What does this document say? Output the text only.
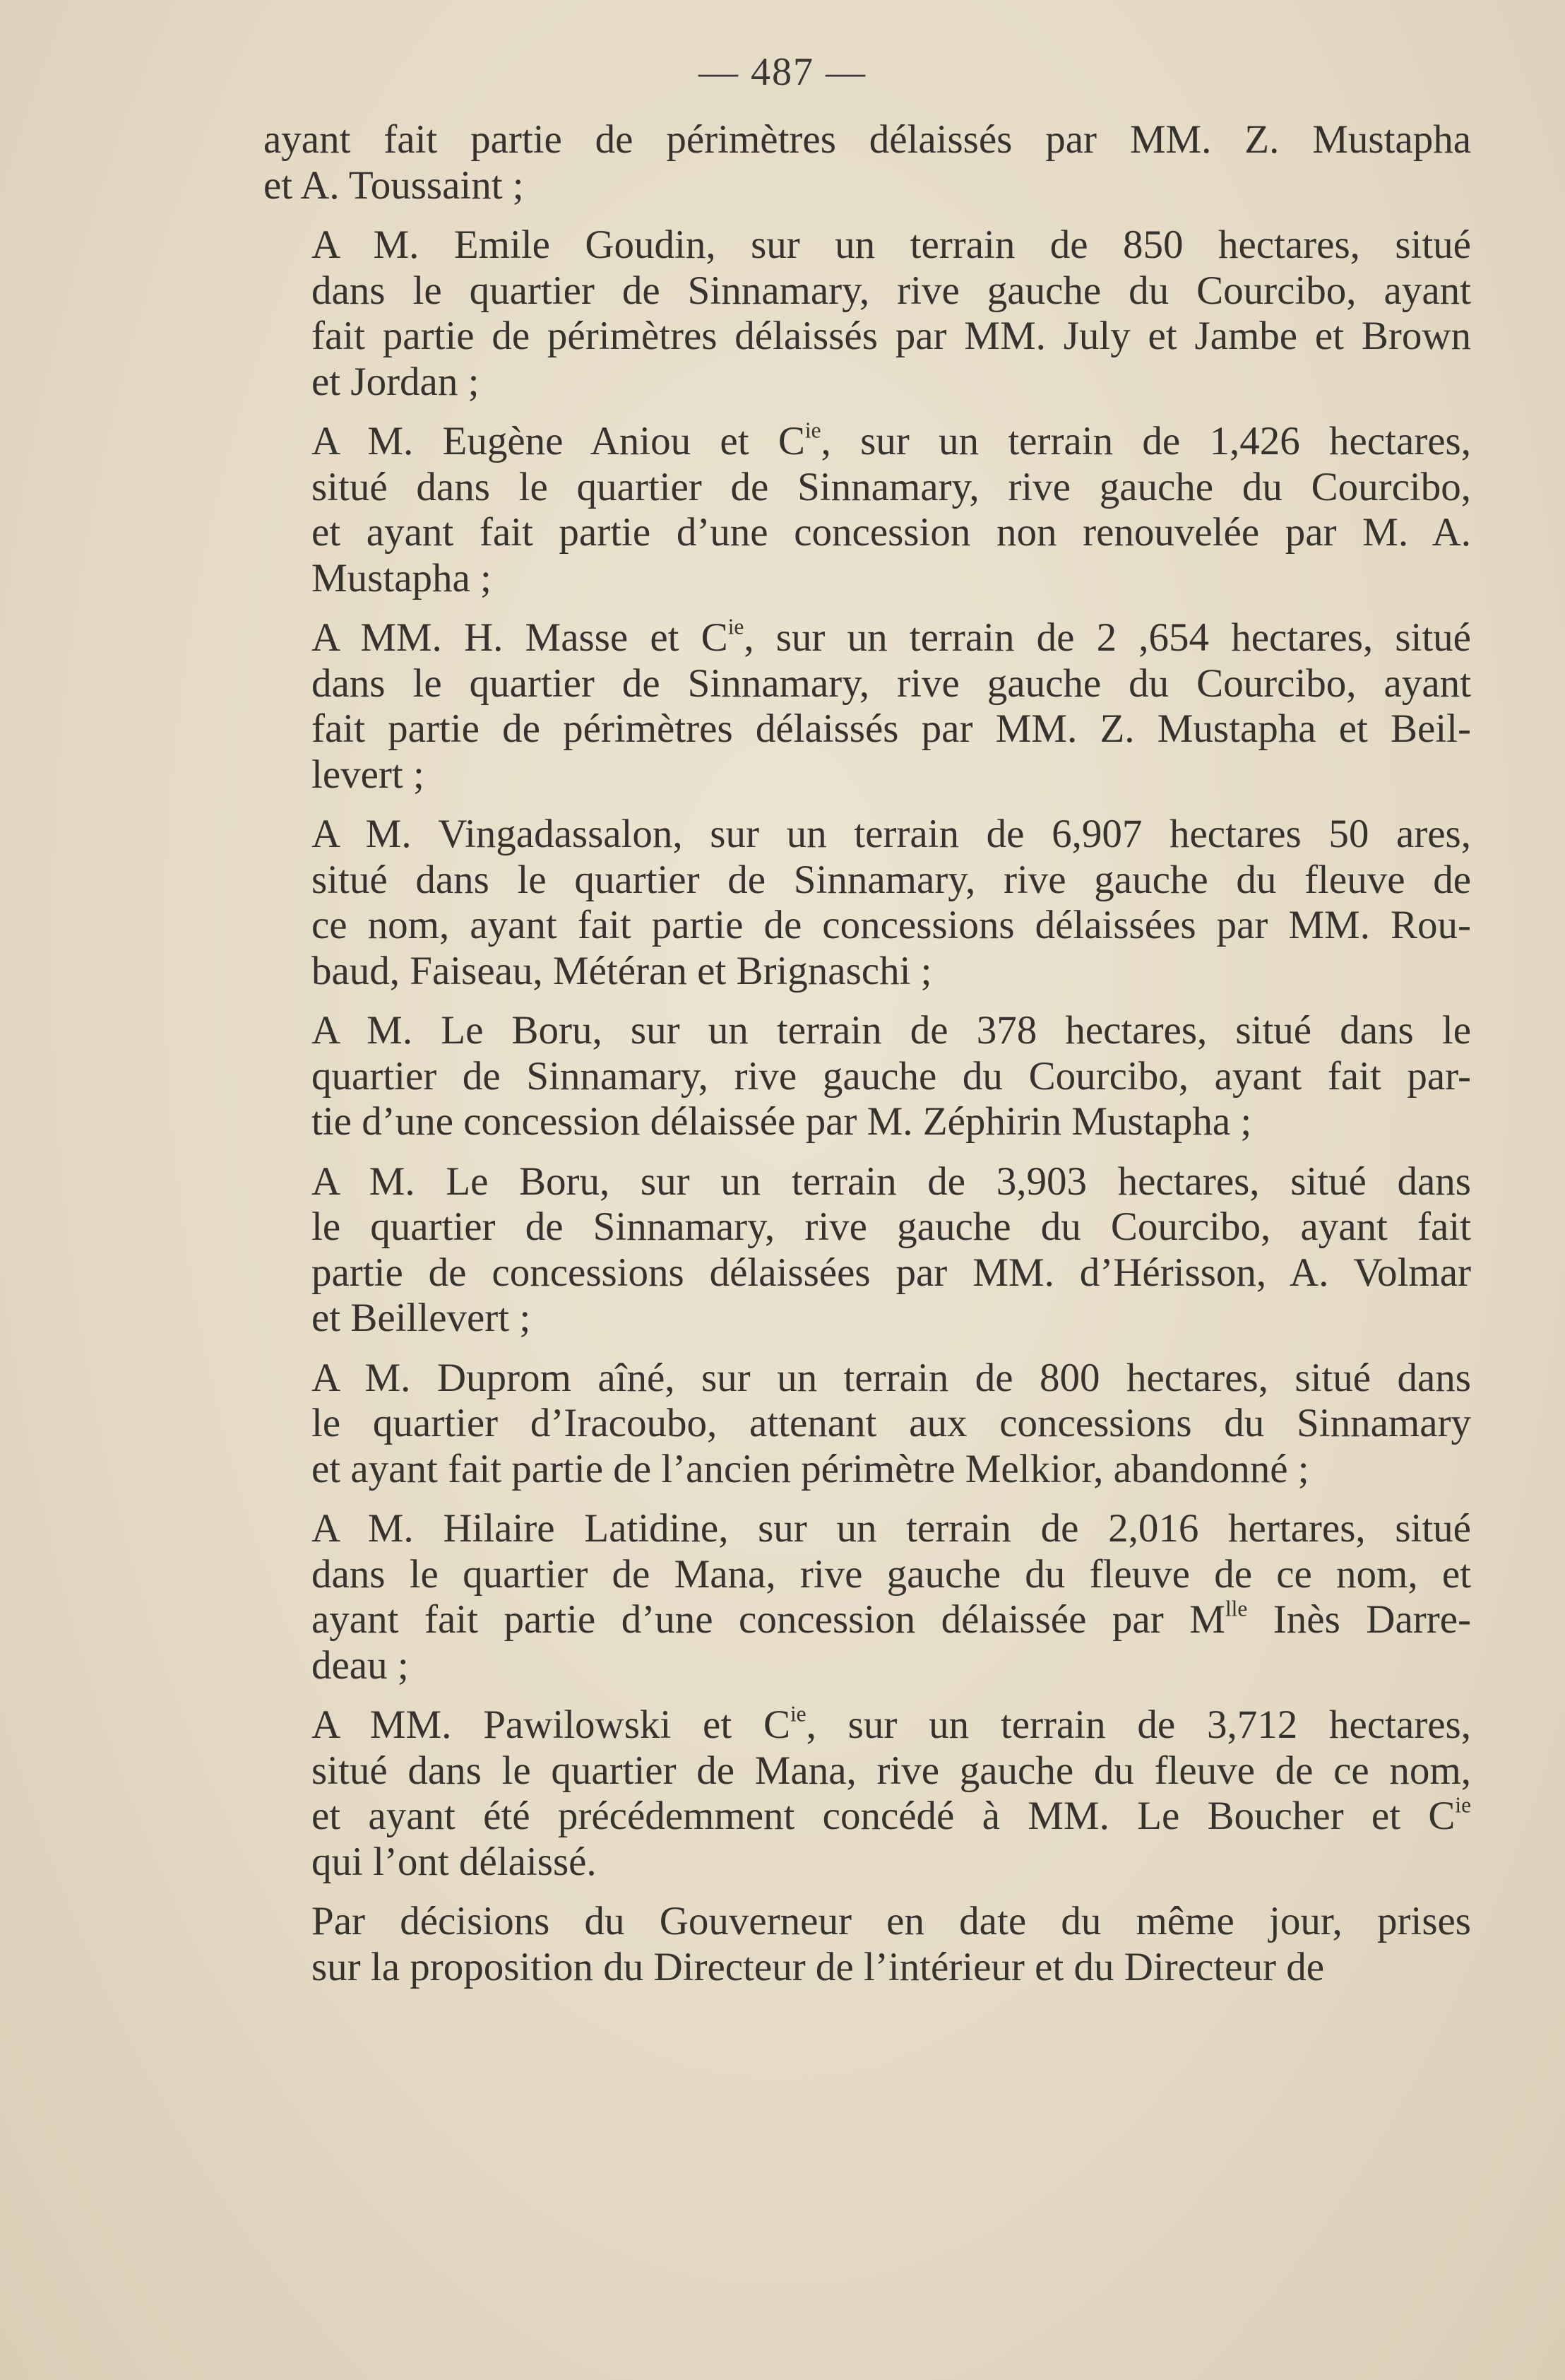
— 487 —
ayant fait partie de périmètres délaissés par MM. Z. Mustapha
et A. Toussaint ;
A M. Emile Goudin, sur un terrain de 850 hectares, situé
dans le quartier de Sinnamary, rive gauche du Courcibo, ayant
fait partie de périmètres délaissés par MM. July et Jambe et Brown
et Jordan ;
A M. Eugène Aniou et $C^{ie}$, sur un terrain de 1,426 hectares,
situé dans le quartier de Sinnamary, rive gauche du Courcibo,
et ayant fait partie d’une concession non renouvelée par M. A.
Mustapha ;
A MM. H. Masse et $C^{ie}$, sur un terrain de 2 ,654 hectares, situé
dans le quartier de Sinnamary, rive gauche du Courcibo, ayant
fait partie de périmètres délaissés par MM. Z. Mustapha et Beil-
levert ;
A M. Vingadassalon, sur un terrain de 6,907 hectares 50 ares,
situé dans le quartier de Sinnamary, rive gauche du fleuve de
ce nom, ayant fait partie de concessions délaissées par MM. Rou-
baud, Faiseau, Météran et Brignaschi ;
A M. Le Boru, sur un terrain de 378 hectares, situé dans le
quartier de Sinnamary, rive gauche du Courcibo, ayant fait par-
tie d’une concession délaissée par M. Zéphirin Mustapha ;
A M. Le Boru, sur un terrain de 3,903 hectares, situé dans
le quartier de Sinnamary, rive gauche du Courcibo, ayant fait
partie de concessions délaissées par MM. d’Hérisson, A. Volmar
et Beillevert ;
A M. Duprom aîné, sur un terrain de 800 hectares, situé dans
le quartier d’Iracoubo, attenant aux concessions du Sinnamary
et ayant fait partie de l’ancien périmètre Melkior, abandonné ;
A M. Hilaire Latidine, sur un terrain de 2,016 hertares, situé
dans le quartier de Mana, rive gauche du fleuve de ce nom, et
ayant fait partie d’une concession délaissée par $M^{lle}$ Inès Darre-
deau ;
A MM. Pawilowski et $C^{ie}$, sur un terrain de 3,712 hectares,
situé dans le quartier de Mana, rive gauche du fleuve de ce nom,
et ayant été précédemment concédé à MM. Le Boucher et $C^{ie}$
qui l’ont délaissé.
Par décisions du Gouverneur en date du même jour, prises
sur la proposition du Directeur de l’intérieur et du Directeur de
